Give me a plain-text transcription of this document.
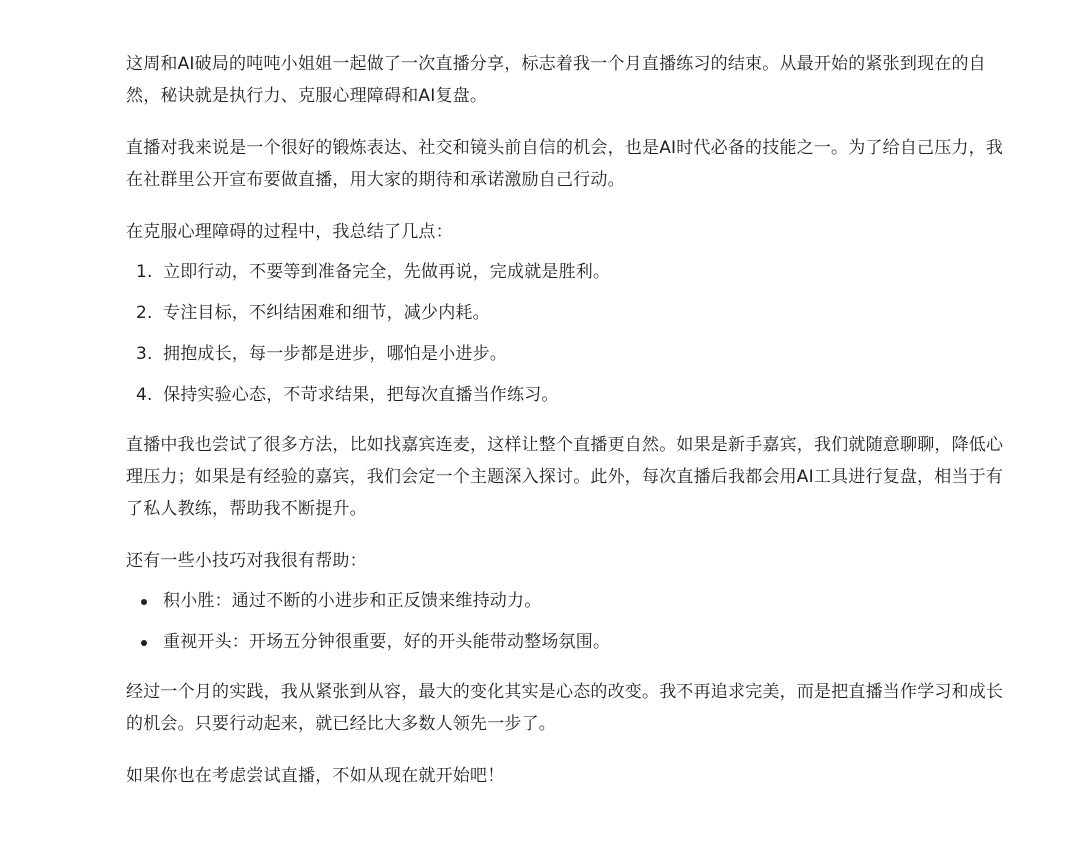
这周和AI破局的吨吨小姐姐一起做了一次直播分享，标志着我一个月直播练习的结束。从最开始的紧张到现在的自然，秘诀就是执行力、克服心理障碍和AI复盘。

直播对我来说是一个很好的锻炼表达、社交和镜头前自信的机会，也是AI时代必备的技能之一。为了给自己压力，我在社群里公开宣布要做直播，用大家的期待和承诺激励自己行动。

在克服心理障碍的过程中，我总结了几点：

1. 立即行动，不要等到准备完全，先做再说，完成就是胜利。
2. 专注目标，不纠结困难和细节，减少内耗。
3. 拥抱成长，每一步都是进步，哪怕是小进步。
4. 保持实验心态，不苛求结果，把每次直播当作练习。

直播中我也尝试了很多方法，比如找嘉宾连麦，这样让整个直播更自然。如果是新手嘉宾，我们就随意聊聊，降低心理压力；如果是有经验的嘉宾，我们会定一个主题深入探讨。此外，每次直播后我都会用AI工具进行复盘，相当于有了私人教练，帮助我不断提升。

还有一些小技巧对我很有帮助：

积小胜：通过不断的小进步和正反馈来维持动力。
重视开头：开场五分钟很重要，好的开头能带动整场氛围。

经过一个月的实践，我从紧张到从容，最大的变化其实是心态的改变。我不再追求完美，而是把直播当作学习和成长的机会。只要行动起来，就已经比大多数人领先一步了。

如果你也在考虑尝试直播，不如从现在就开始吧！
